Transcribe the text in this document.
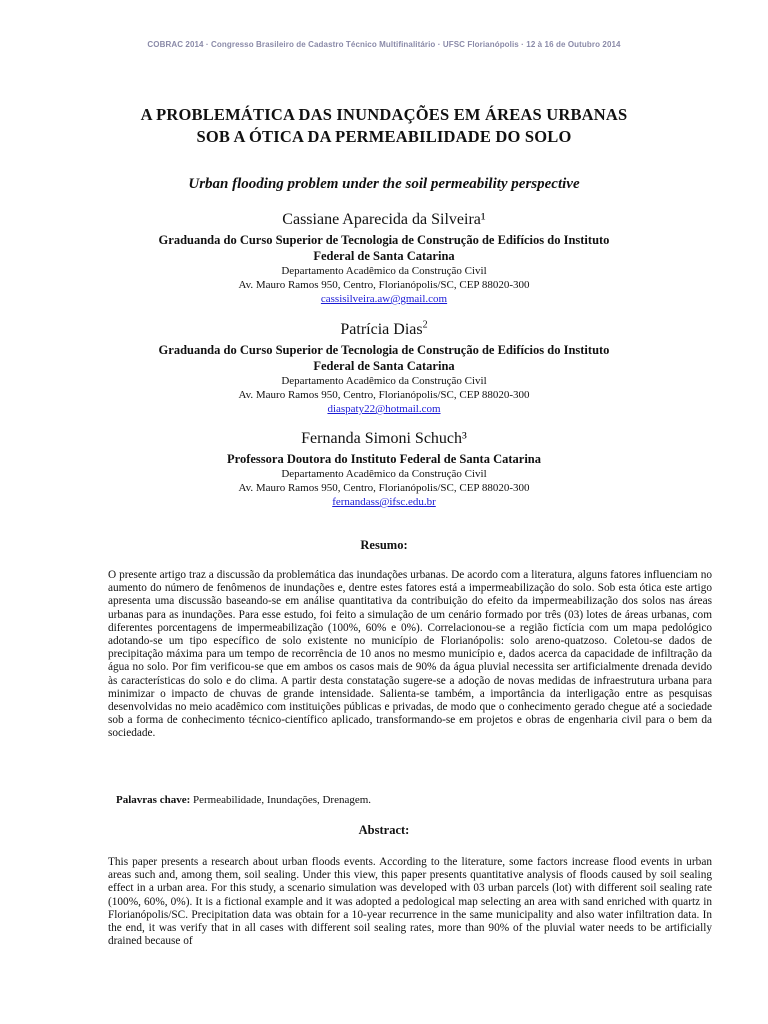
COBRAC 2014 · Congresso Brasileiro de Cadastro Técnico Multifinalitário · UFSC Florianópolis · 12 à 16 de Outubro 2014
A PROBLEMÁTICA DAS INUNDAÇÕES EM ÁREAS URBANAS
SOB A ÓTICA DA PERMEABILIDADE DO SOLO
Urban flooding problem under the soil permeability perspective
Cassiane Aparecida da Silveira¹
Graduanda do Curso Superior de Tecnologia de Construção de Edifícios do Instituto
Federal de Santa Catarina
Departamento Acadêmico da Construção Civil
Av. Mauro Ramos 950, Centro, Florianópolis/SC, CEP 88020-300
cassisilveira.aw@gmail.com
Patrícia Dias$^2$
Graduanda do Curso Superior de Tecnologia de Construção de Edifícios do Instituto
Federal de Santa Catarina
Departamento Acadêmico da Construção Civil
Av. Mauro Ramos 950, Centro, Florianópolis/SC, CEP 88020-300
diaspaty22@hotmail.com
Fernanda Simoni Schuch³
Professora Doutora do Instituto Federal de Santa Catarina
Departamento Acadêmico da Construção Civil
Av. Mauro Ramos 950, Centro, Florianópolis/SC, CEP 88020-300
fernandass@ifsc.edu.br
Resumo:
O presente artigo traz a discussão da problemática das inundações urbanas. De acordo com a literatura, alguns fatores influenciam no aumento do número de fenômenos de inundações e, dentre estes fatores está a impermeabilização do solo. Sob esta ótica este artigo apresenta uma discussão baseando-se em análise quantitativa da contribuição do efeito da impermeabilização dos solos nas áreas urbanas para as inundações. Para esse estudo, foi feito a simulação de um cenário formado por três (03) lotes de áreas urbanas, com diferentes porcentagens de impermeabilização (100%, 60% e 0%). Correlacionou-se a região fictícia com um mapa pedológico adotando-se um tipo específico de solo existente no município de Florianópolis: solo areno-quatzoso. Coletou-se dados de precipitação máxima para um tempo de recorrência de 10 anos no mesmo município e, dados acerca da capacidade de infiltração da água no solo. Por fim verificou-se que em ambos os casos mais de 90% da água pluvial necessita ser artificialmente drenada devido às características do solo e do clima. A partir desta constatação sugere-se a adoção de novas medidas de infraestrutura urbana para minimizar o impacto de chuvas de grande intensidade. Salienta-se também, a importância da interligação entre as pesquisas desenvolvidas no meio acadêmico com instituições públicas e privadas, de modo que o conhecimento gerado chegue até a sociedade sob a forma de conhecimento técnico-científico aplicado, transformando-se em projetos e obras de engenharia civil para o bem da sociedade.
Palavras chave: Permeabilidade, Inundações, Drenagem.
Abstract:
This paper presents a research about urban floods events. According to the literature, some factors increase flood events in urban areas such and, among them, soil sealing. Under this view, this paper presents quantitative analysis of floods caused by soil sealing effect in a urban area. For this study, a scenario simulation was developed with 03 urban parcels (lot) with different soil sealing rate (100%, 60%, 0%). It is a fictional example and it was adopted a pedological map selecting an area with sand enriched with quartz in Florianópolis/SC. Precipitation data was obtain for a 10-year recurrence in the same municipality and also water infiltration data. In the end, it was verify that in all cases with different soil sealing rates, more than 90% of the pluvial water needs to be artificially drained because of
